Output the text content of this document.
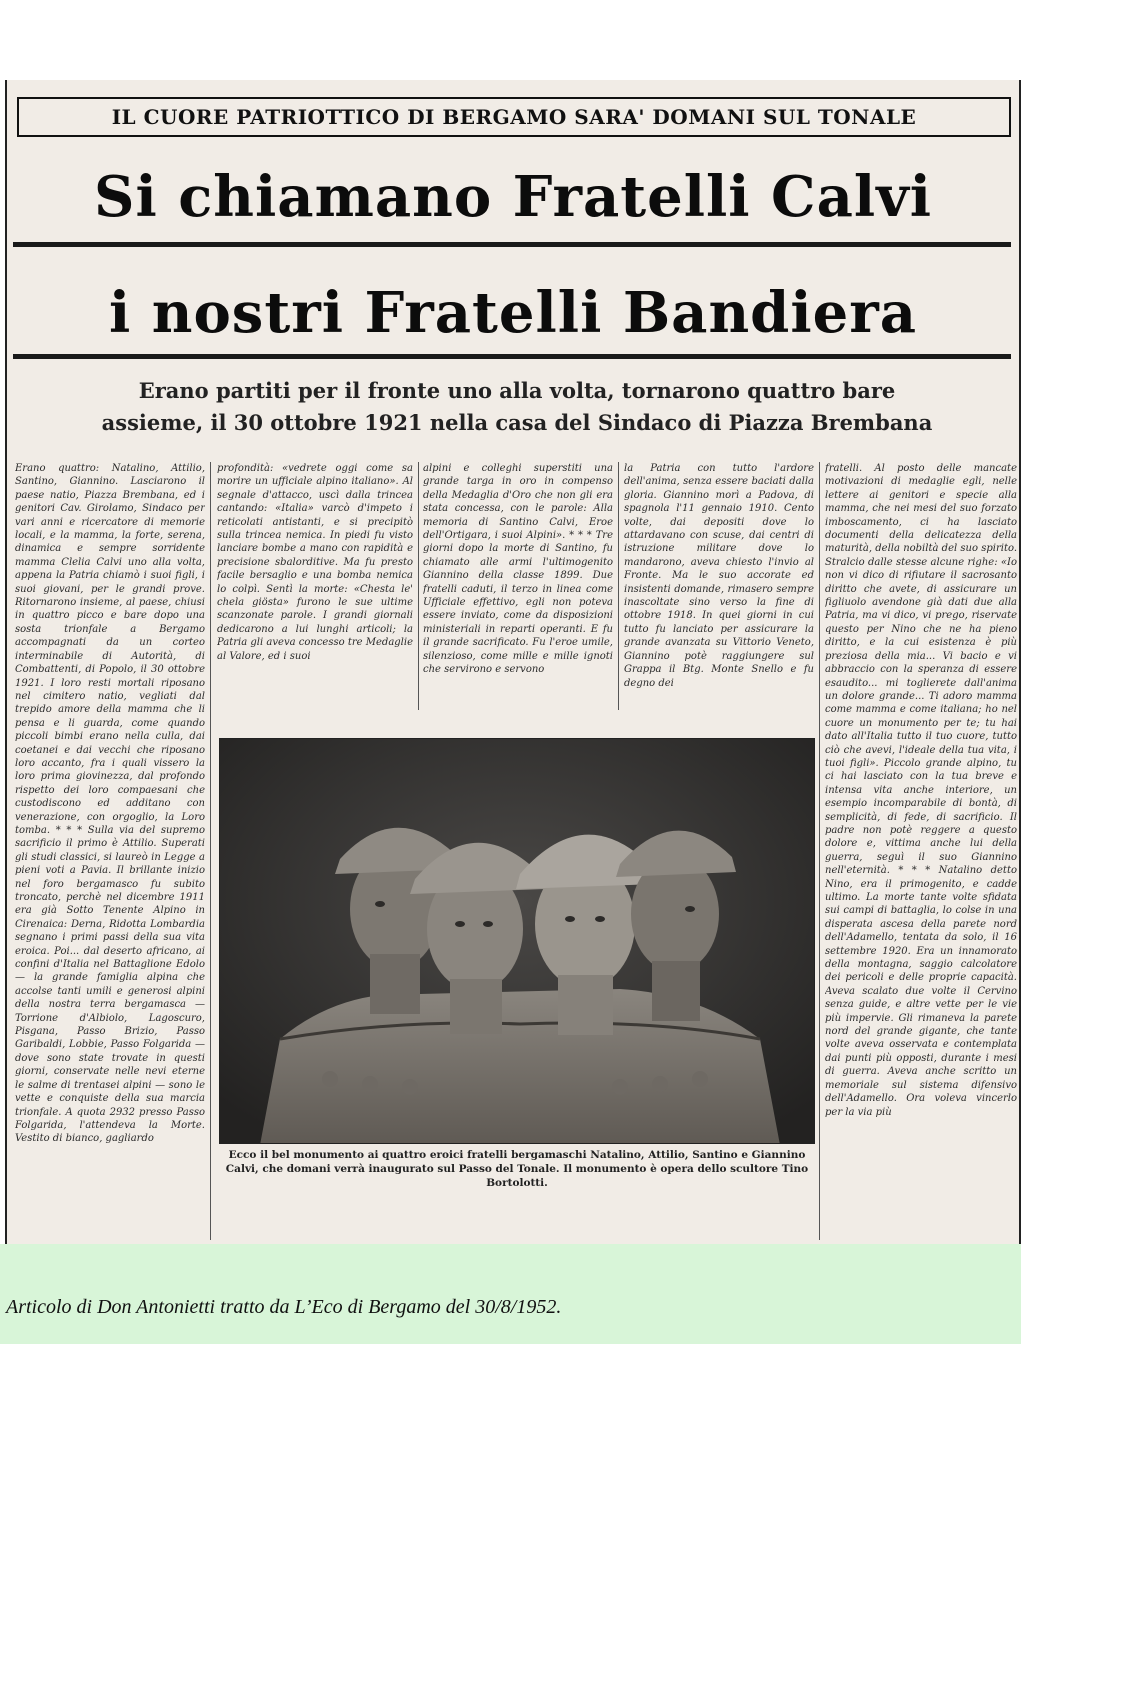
IL CUORE PATRIOTTICO DI BERGAMO SARA' DOMANI SUL TONALE
Si chiamano Fratelli Calvi
i nostri Fratelli Bandiera
Erano partiti per il fronte uno alla volta, tornarono quattro bare
assieme, il 30 ottobre 1921 nella casa del Sindaco di Piazza Brembana

Erano quattro: Natalino, Attilio, Santino, Giannino. Lasciarono il paese natio, Piazza Brembana, ed i genitori Cav. Girolamo, Sindaco per vari anni e ricercatore di memorie locali, e la mamma, la forte, serena, dinamica e sempre sorridente mamma Clelia Calvi uno alla volta, appena la Patria chiamò i suoi figli, i suoi giovani, per le grandi prove. Ritornarono insieme, al paese, chiusi in quattro picco e bare dopo una sosta trionfale a Bergamo accompagnati da un corteo interminabile di Autorità, di Combattenti, di Popolo, il 30 ottobre 1921. I loro resti mortali riposano nel cimitero natio, vegliati dal trepido amore della mamma che li pensa e li guarda, come quando piccoli bimbi erano nella culla, dai coetanei e dai vecchi che riposano loro accanto, fra i quali vissero la loro prima giovinezza, dal profondo rispetto dei loro compaesani che custodiscono ed additano con venerazione, con orgoglio, la Loro tomba. * * * Sulla via del supremo sacrificio il primo è Attilio. Superati gli studi classici, si laureò in Legge a pieni voti a Pavia. Il brillante inizio nel foro bergamasco fu subito troncato, perchè nel dicembre 1911 era già Sotto Tenente Alpino in Cirenaica: Derna, Ridotta Lombardia segnano i primi passi della sua vita eroica. Poi... dal deserto africano, ai confini d'Italia nel Battaglione Edolo — la grande famiglia alpina che accolse tanti umili e generosi alpini della nostra terra bergamasca — Torrione d'Albiolo, Lagoscuro, Pisgana, Passo Brizio, Passo Garibaldi, Lobbie, Passo Folgarida — dove sono state trovate in questi giorni, conservate nelle nevi eterne le salme di trentasei alpini — sono le vette e conquiste della sua marcia trionfale. A quota 2932 presso Passo Folgarida, l'attendeva la Morte. Vestito di bianco, gagliardo

profondità: «vedrete oggi come sa morire un ufficiale alpino italiano». Al segnale d'attacco, uscì dalla trincea cantando: «Italia» varcò d'impeto i reticolati antistanti, e si precipitò sulla trincea nemica. In piedi fu visto lanciare bombe a mano con rapidità e precisione sbalorditive. Ma fu presto facile bersaglio e una bomba nemica lo colpì. Sentì la morte: «Chesta le' chela giösta» furono le sue ultime scanzonate parole. I grandi giornali dedicarono a lui lunghi articoli; la Patria gli aveva concesso tre Medaglie al Valore, ed i suoi

alpini e colleghi superstiti una grande targa in oro in compenso della Medaglia d'Oro che non gli era stata concessa, con le parole: Alla memoria di Santino Calvi, Eroe dell'Ortigara, i suoi Alpini». * * * Tre giorni dopo la morte di Santino, fu chiamato alle armi l'ultimogenito Giannino della classe 1899. Due fratelli caduti, il terzo in linea come Ufficiale effettivo, egli non poteva essere inviato, come da disposizioni ministeriali in reparti operanti. E fu il grande sacrificato. Fu l'eroe umile, silenzioso, come mille e mille ignoti che servirono e servono

la Patria con tutto l'ardore dell'anima, senza essere baciati dalla gloria. Giannino morì a Padova, di spagnola l'11 gennaio 1910. Cento volte, dai depositi dove lo attardavano con scuse, dai centri di istruzione militare dove lo mandarono, aveva chiesto l'invio al Fronte. Ma le suo accorate ed insistenti domande, rimasero sempre inascoltate sino verso la fine di ottobre 1918. In quei giorni in cui tutto fu lanciato per assicurare la grande avanzata su Vittorio Veneto, Giannino potè raggiungere sul Grappa il Btg. Monte Snello e fu degno dei

fratelli. Al posto delle mancate motivazioni di medaglie egli, nelle lettere ai genitori e specie alla mamma, che nei mesi del suo forzato imboscamento, ci ha lasciato documenti della delicatezza della maturità, della nobiltà del suo spirito. Stralcio dalle stesse alcune righe: «Io non vi dico di rifiutare il sacrosanto diritto che avete, di assicurare un figliuolo avendone già dati due alla Patria, ma vi dico, vi prego, riservate questo per Nino che ne ha pieno diritto, e la cui esistenza è più preziosa della mia... Vi bacio e vi abbraccio con la speranza di essere esaudito... mi toglierete dall'anima un dolore grande... Ti adoro mamma come mamma e come italiana; ho nel cuore un monumento per te; tu hai dato all'Italia tutto il tuo cuore, tutto ciò che avevi, l'ideale della tua vita, i tuoi figli». Piccolo grande alpino, tu ci hai lasciato con la tua breve e intensa vita anche interiore, un esempio incomparabile di bontà, di semplicità, di fede, di sacrificio. Il padre non potè reggere a questo dolore e, vittima anche lui della guerra, seguì il suo Giannino nell'eternità. * * * Natalino detto Nino, era il primogenito, e cadde ultimo. La morte tante volte sfidata sui campi di battaglia, lo colse in una disperata ascesa della parete nord dell'Adamello, tentata da solo, il 16 settembre 1920. Era un innamorato della montagna, saggio calcolatore dei pericoli e delle proprie capacità. Aveva scalato due volte il Cervino senza guide, e altre vette per le vie più impervie. Gli rimaneva la parete nord del grande gigante, che tante volte aveva osservata e contemplata dai punti più opposti, durante i mesi di guerra. Aveva anche scritto un memoriale sul sistema difensivo dell'Adamello. Ora voleva vincerlo per la via più

Ecco il bel monumento ai quattro eroici fratelli bergamaschi Natalino, Attilio, Santino e Giannino Calvi, che domani verrà inaugurato sul Passo del Tonale. Il monumento è opera dello scultore Tino Bortolotti.
Articolo di Don Antonietti tratto da L’Eco di Bergamo del 30/8/1952.
